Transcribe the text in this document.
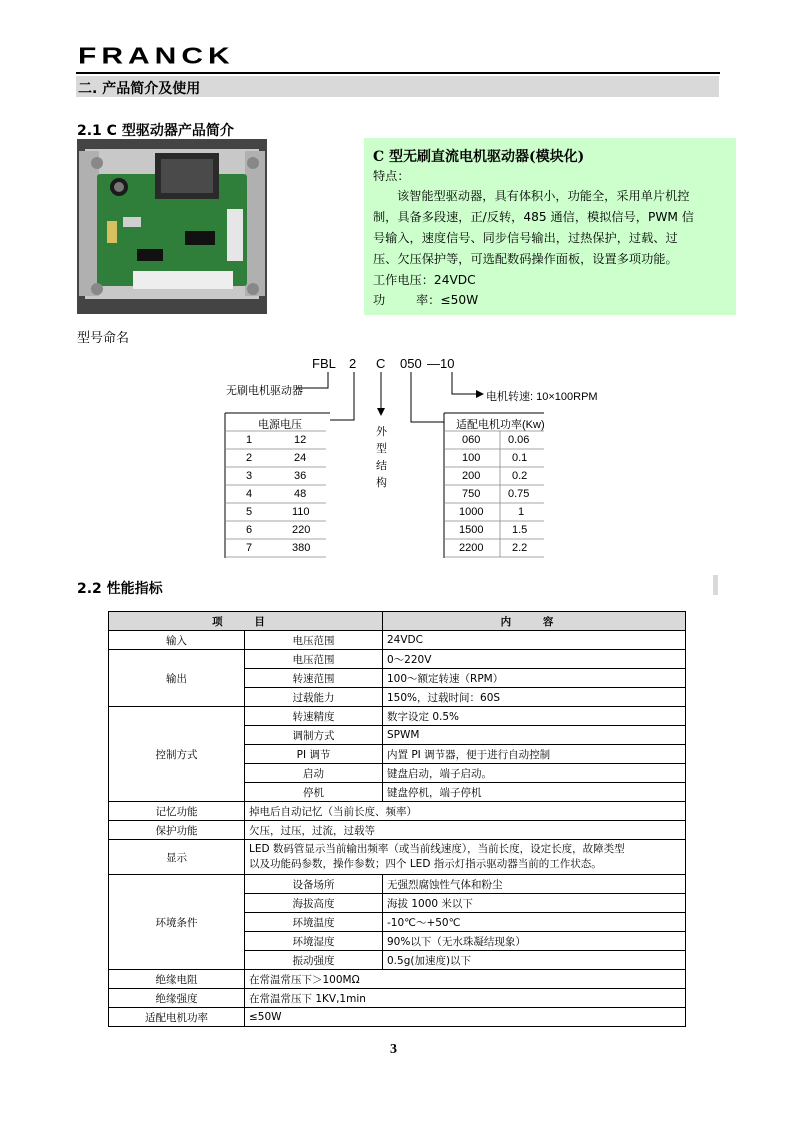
FRANCK
二. 产品简介及使用
2.1 C 型驱动器产品简介
C 型无刷直流电机驱动器(模块化)

特点：

该智能型驱动器，具有体积小，功能全，采用单片机控

制，具备多段速，正/反转，485 通信，模拟信号，PWM 信

号输入，速度信号、同步信号输出，过热保护，过载、过

压、欠压保护等，可选配数码操作面板，设置多项功能。

工作电压：24VDC

功	率：≤50W

型号命名
FBL 2 C 050 —10
无刷电机驱动器	电机转速: 10×100RPM
电源电压
外型结构
适配电机功率(Kw)
1	12
2	24
3	36
4	48
5	110
6	220
7	380
060	0.06
100	0.1
200	0.2
750	0.75
1000	1
1500	1.5
2200	2.2
2.2 性能指标
项 目		内 容
输入	电压范围	24VDC
输出	电压范围	0～220V
	转速范围	100～额定转速（RPM）
	过载能力	150%，过载时间：60S
控制方式	转速精度	数字设定 0.5%
	调制方式	SPWM
	PI 调节	内置 PI 调节器，便于进行自动控制
	启动	键盘启动，端子启动。
	停机	键盘停机，端子停机
记忆功能	掉电后自动记忆（当前长度、频率）	
保护功能	欠压，过压，过流，过载等	
显示	LED 数码管显示当前输出频率（或当前线速度），当前长度，设定长度，故障类型
以及功能码参数，操作参数；四个 LED 指示灯指示驱动器当前的工作状态。	

环境条件	设备场所	无强烈腐蚀性气体和粉尘
	海拔高度	海拔 1000 米以下
	环境温度	-10℃～+50℃
	环境湿度	90%以下（无水珠凝结现象）
	振动强度	0.5g(加速度)以下
绝缘电阻	在常温常压下＞100MΩ	
绝缘强度	在常温常压下 1KV,1min	
适配电机功率	≤50W	
3
